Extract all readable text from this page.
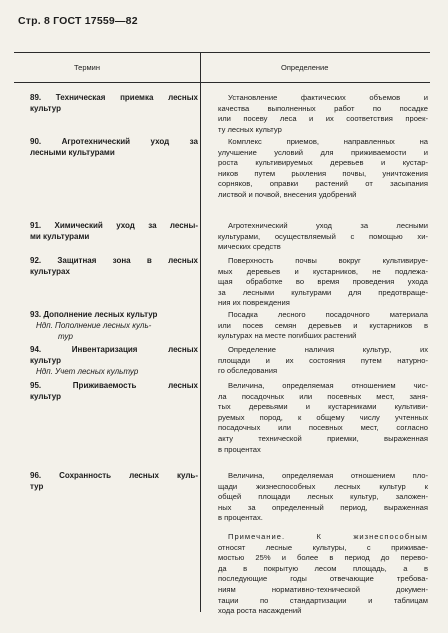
Стр. 8 ГОСТ 17559—82
Термин	Определение
89. Техническая приемка лесных
культур
Установление фактических объемов и
качества выполненных работ по посадке
или посеву леса и их соответствия проек-
ту лесных культур
90. Агротехнический уход за
лесными культурами
Комплекс приемов, направленных на
улучшение условий для приживаемости и
роста культивируемых деревьев и кустар-
ников путем рыхления почвы, уничтожения
сорняков, оправки растений от засыпания
листвой и почвой, внесения удобрений
91. Химический уход за лесны-
ми культурами
Агротехнический уход за лесными
культурами, осуществляемый с помощью хи-
мических средств
92. Защитная зона в лесных
культурах
Поверхность почвы вокруг культивируе-
мых деревьев и кустарников, не подлежа-
щая обработке во время проведения ухода
за лесными культурами для предотвраще-
ния их повреждения
93. Дополнение лесных культур
Ндп. Пополнение лесных куль-
тур
Посадка лесного посадочного материала
или посев семян деревьев и кустарников в
культурах на месте погибших растений
94. Инвентаризация лесных
культур
Ндп. Учет лесных культур
Определение наличия культур, их
площади и их состояния путем натурно-
го обследования
95. Приживаемость лесных
культур
Величина, определяемая отношением чис-
ла посадочных или посевных мест, заня-
тых деревьями и кустарниками культиви-
руемых пород, к общему числу учтенных
посадочных или посевных мест, согласно
акту технической приемки, выраженная
в процентах
96. Сохранность лесных куль-
тур
Величина, определяемая отношением пло-
щади жизнеспособных лесных культур к
общей площади лесных культур, заложен-
ных за определенный период, выраженная
в процентах.
Примечание. К жизнеспособным
относят лесные культуры, с приживае-
мостью 25% и более в период до перево-
да в покрытую лесом площадь, а в
последующие годы отвечающие требова-
ниям нормативно-технической докумен-
тации по стандартизации и таблицам
хода роста насаждений
